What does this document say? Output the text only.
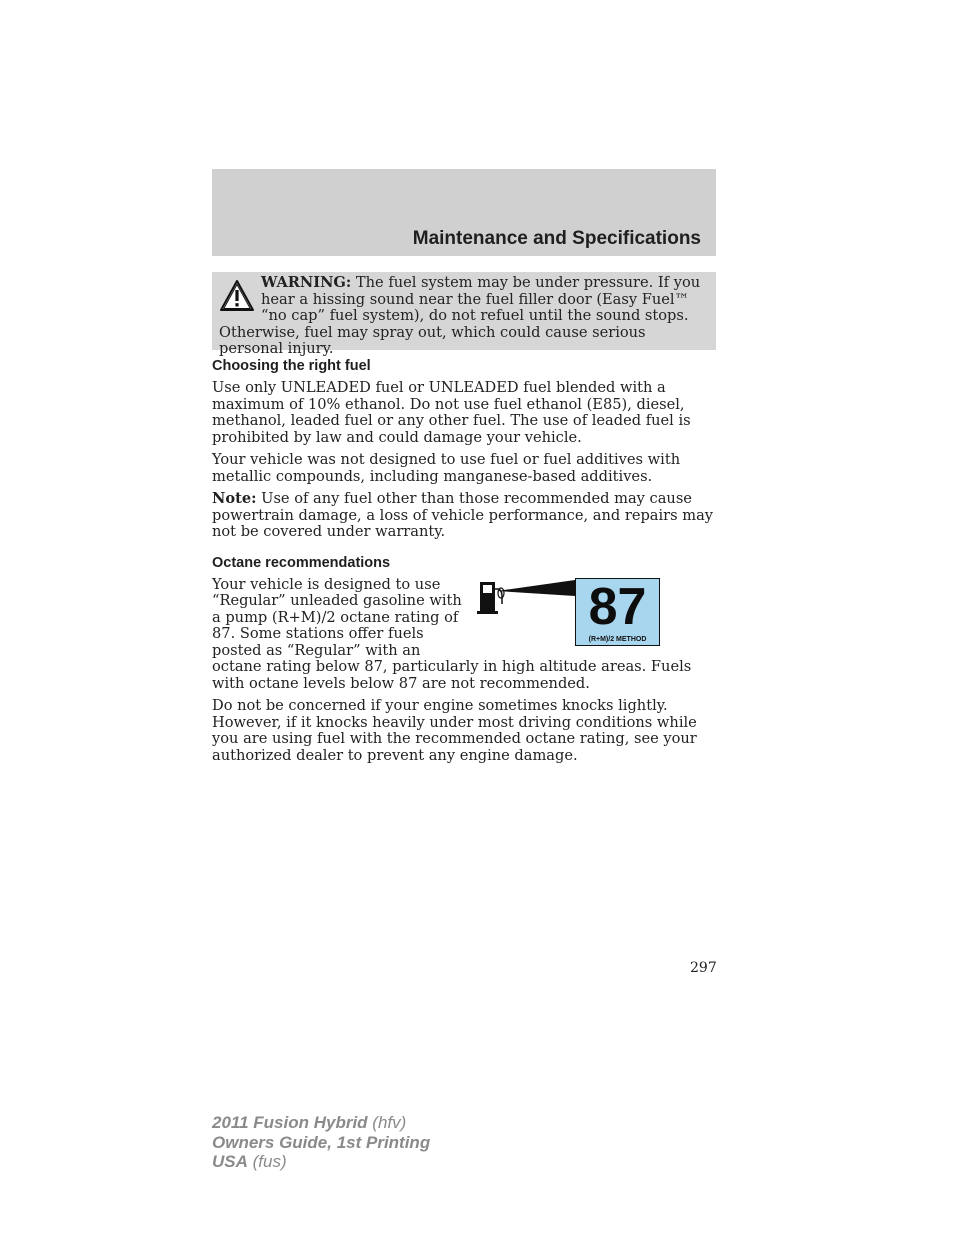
Maintenance and Specifications

WARNING: The fuel system may be under pressure. If you hear a hissing sound near the fuel filler door (Easy Fuel™ “no cap” fuel system), do not refuel until the sound stops. Otherwise, fuel may spray out, which could cause serious personal injury.

Choosing the right fuel

Use only UNLEADED fuel or UNLEADED fuel blended with a maximum of 10% ethanol. Do not use fuel ethanol (E85), diesel, methanol, leaded fuel or any other fuel. The use of leaded fuel is prohibited by law and could damage your vehicle.

Your vehicle was not designed to use fuel or fuel additives with metallic compounds, including manganese-based additives.

Note: Use of any fuel other than those recommended may cause powertrain damage, a loss of vehicle performance, and repairs may not be covered under warranty.

Octane recommendations
87
(R+M)/2 METHOD

Your vehicle is designed to use “Regular” unleaded gasoline with a pump (R+M)/2 octane rating of 87. Some stations offer fuels posted as “Regular” with an octane rating below 87, particularly in high altitude areas. Fuels with octane levels below 87 are not recommended.

Do not be concerned if your engine sometimes knocks lightly. However, if it knocks heavily under most driving conditions while you are using fuel with the recommended octane rating, see your authorized dealer to prevent any engine damage.

297
2011 Fusion Hybrid (hfv)
Owners Guide, 1st Printing
USA (fus)
